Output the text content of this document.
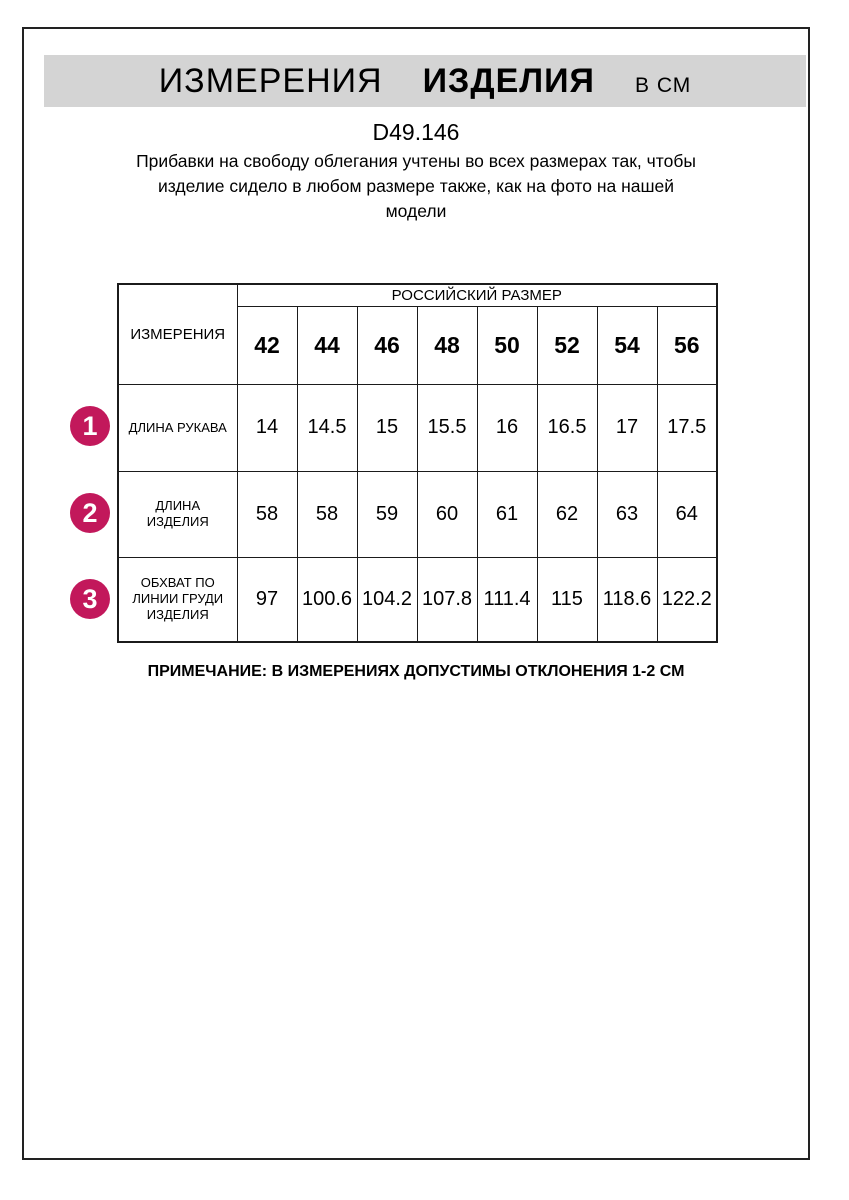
ИЗМЕРЕНИЯ ИЗДЕЛИЯ В СМ
D49.146
Прибавки на свободу облегания учтены во всех размерах так, чтобы
изделие сидело в любом размере также, как на фото на нашей
модели
1
2
3
ИЗМЕРЕНИЯ	РОССИЙСКИЙ РАЗМЕР							
	42	44	46	48	50	52	54	56
ДЛИНА РУКАВА	14	14.5	15	15.5	16	16.5	17	17.5
ДЛИНА
ИЗДЕЛИЯ	58	58	59	60	61	62	63	64
ОБХВАТ ПО
ЛИНИИ ГРУДИ
ИЗДЕЛИЯ	97	100.6	104.2	107.8	111.4	115	118.6	122.2
ПРИМЕЧАНИЕ: В ИЗМЕРЕНИЯХ ДОПУСТИМЫ ОТКЛОНЕНИЯ 1-2 СМ
